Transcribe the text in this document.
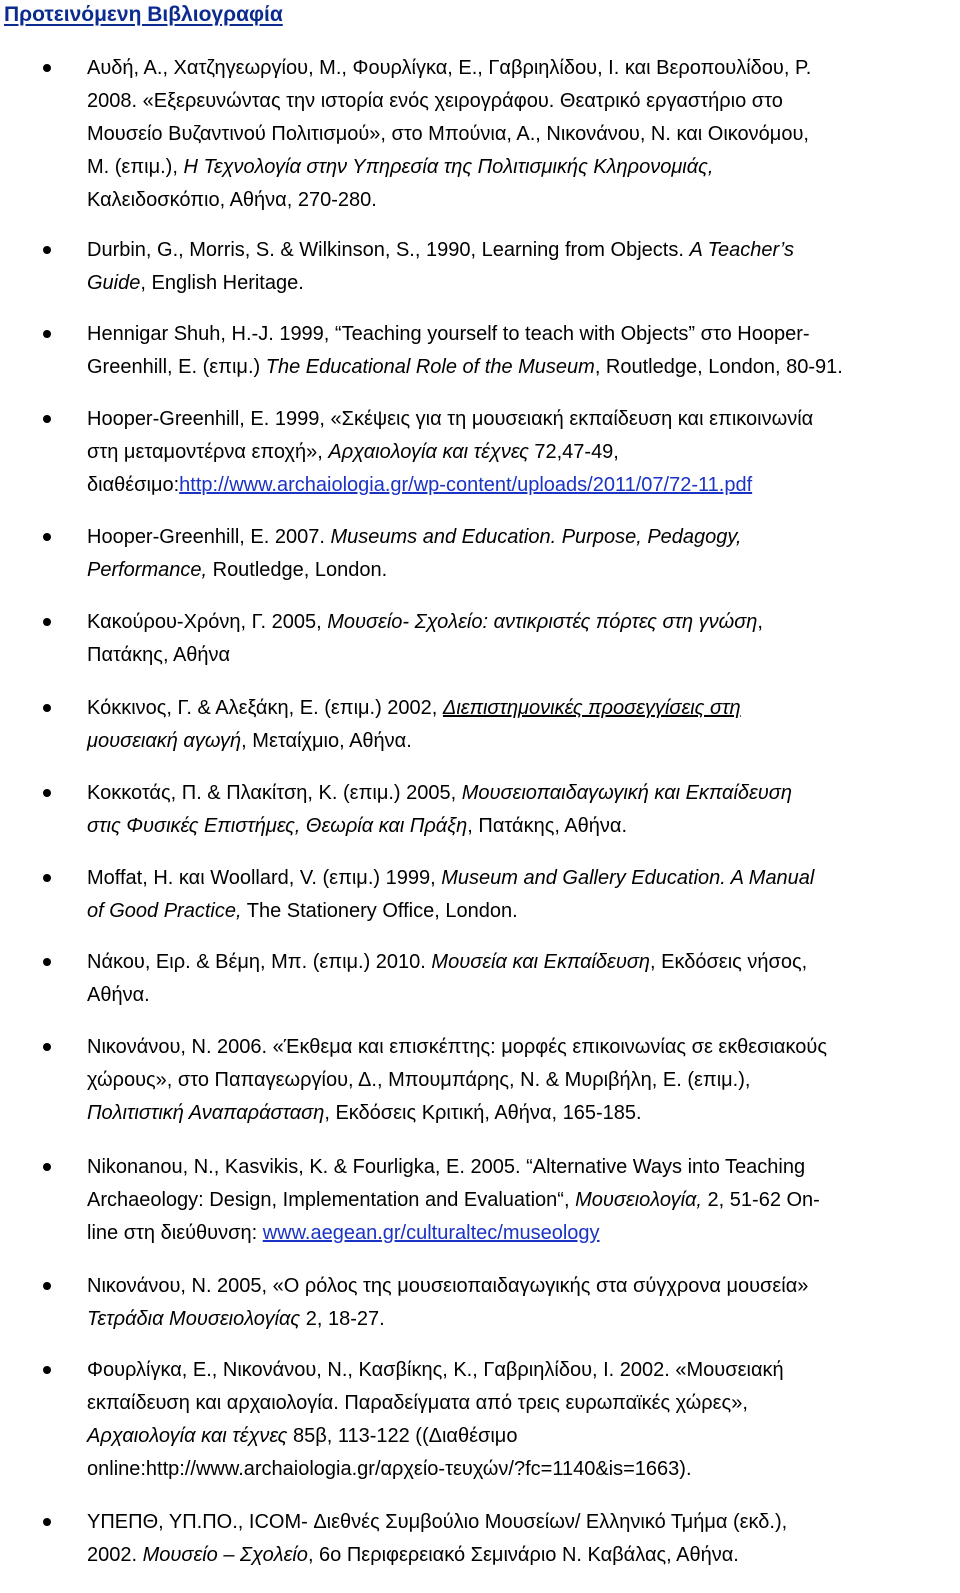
Προτεινόμενη Βιβλιογραφία
Αυδή, Α., Χατζηγεωργίου, Μ., Φουρλίγκα, Ε., Γαβριηλίδου, Ι. και Βεροπουλίδου, Ρ.
2008. «Εξερευνώντας την ιστορία ενός χειρογράφου. Θεατρικό εργαστήριο στο
Μουσείο Βυζαντινού Πολιτισμού», στο Μπούνια, Α., Νικονάνου, Ν. και Οικονόμου,
Μ. (επιμ.), Η Τεχνολογία στην Υπηρεσία της Πολιτισμικής Κληρονομιάς,
Καλειδοσκόπιο, Αθήνα, 270-280.
Durbin, G., Morris, S. & Wilkinson, S., 1990, Learning from Objects. A Teacher’s
Guide, English Heritage.
Hennigar Shuh, H.-J. 1999, “Teaching yourself to teach with Objects” στο Hooper-
Greenhill, E. (επιμ.) The Educational Role of the Museum, Routledge, London, 80-91.
Hooper-Greenhill, E. 1999, «Σκέψεις για τη μουσειακή εκπαίδευση και επικοινωνία
στη μεταμοντέρνα εποχή», Αρχαιολογία και τέχνες 72,47-49,
διαθέσιμο:http://www.archaiologia.gr/wp-content/uploads/2011/07/72-11.pdf
Hooper-Greenhill, E. 2007. Museums and Education. Purpose, Pedagogy,
Performance, Routledge, London.
Κακούρου-Χρόνη, Γ. 2005, Μουσείο- Σχολείο: αντικριστές πόρτες στη γνώση,
Πατάκης, Αθήνα
Κόκκινος, Γ. & Αλεξάκη, Ε. (επιμ.) 2002, Διεπιστημονικές προσεγγίσεις στη
μουσειακή αγωγή, Μεταίχμιο, Αθήνα.
Κοκκοτάς, Π. & Πλακίτση, Κ. (επιμ.) 2005, Μουσειοπαιδαγωγική και Εκπαίδευση
στις Φυσικές Επιστήμες, Θεωρία και Πράξη, Πατάκης, Αθήνα.
Moffat, H. και Woollard, V. (επιμ.) 1999, Museum and Gallery Education. A Manual
of Good Practice, The Stationery Office, London.
Νάκου, Ειρ. & Βέμη, Μπ. (επιμ.) 2010. Μουσεία και Εκπαίδευση, Εκδόσεις νήσος,
Αθήνα.
Νικονάνου, Ν. 2006. «Έκθεμα και επισκέπτης: μορφές επικοινωνίας σε εκθεσιακούς
χώρους», στο Παπαγεωργίου, Δ., Μπουμπάρης, Ν. & Μυριβήλη, Ε. (επιμ.),
Πολιτιστική Αναπαράσταση, Εκδόσεις Κριτική, Αθήνα, 165-185.
Nikonanou, N., Kasvikis, K. & Fourligka, E. 2005. “Alternative Ways into Teaching
Archaeology: Design, Implementation and Evaluation“, Μουσειολογία, 2, 51-62 On-
line στη διεύθυνση: www.aegean.gr/culturaltec/museology
Νικονάνου, Ν. 2005, «Ο ρόλος της μουσειοπαιδαγωγικής στα σύγχρονα μουσεία»
Τετράδια Μουσειολογίας 2, 18-27.
Φουρλίγκα, Ε., Νικονάνου, Ν., Κασβίκης, Κ., Γαβριηλίδου, Ι. 2002. «Μουσειακή
εκπαίδευση και αρχαιολογία. Παραδείγματα από τρεις ευρωπαϊκές χώρες»,
Αρχαιολογία και τέχνες 85β, 113-122 ((Διαθέσιμο
online:http://www.archaiologia.gr/αρχείο-τευχών/?fc=1140&is=1663).
ΥΠΕΠΘ, ΥΠ.ΠΟ., ICOM- Διεθνές Συμβούλιο Μουσείων/ Ελληνικό Τμήμα (εκδ.),
2002. Μουσείο – Σχολείο, 6ο Περιφερειακό Σεμινάριο Ν. Καβάλας, Αθήνα.
